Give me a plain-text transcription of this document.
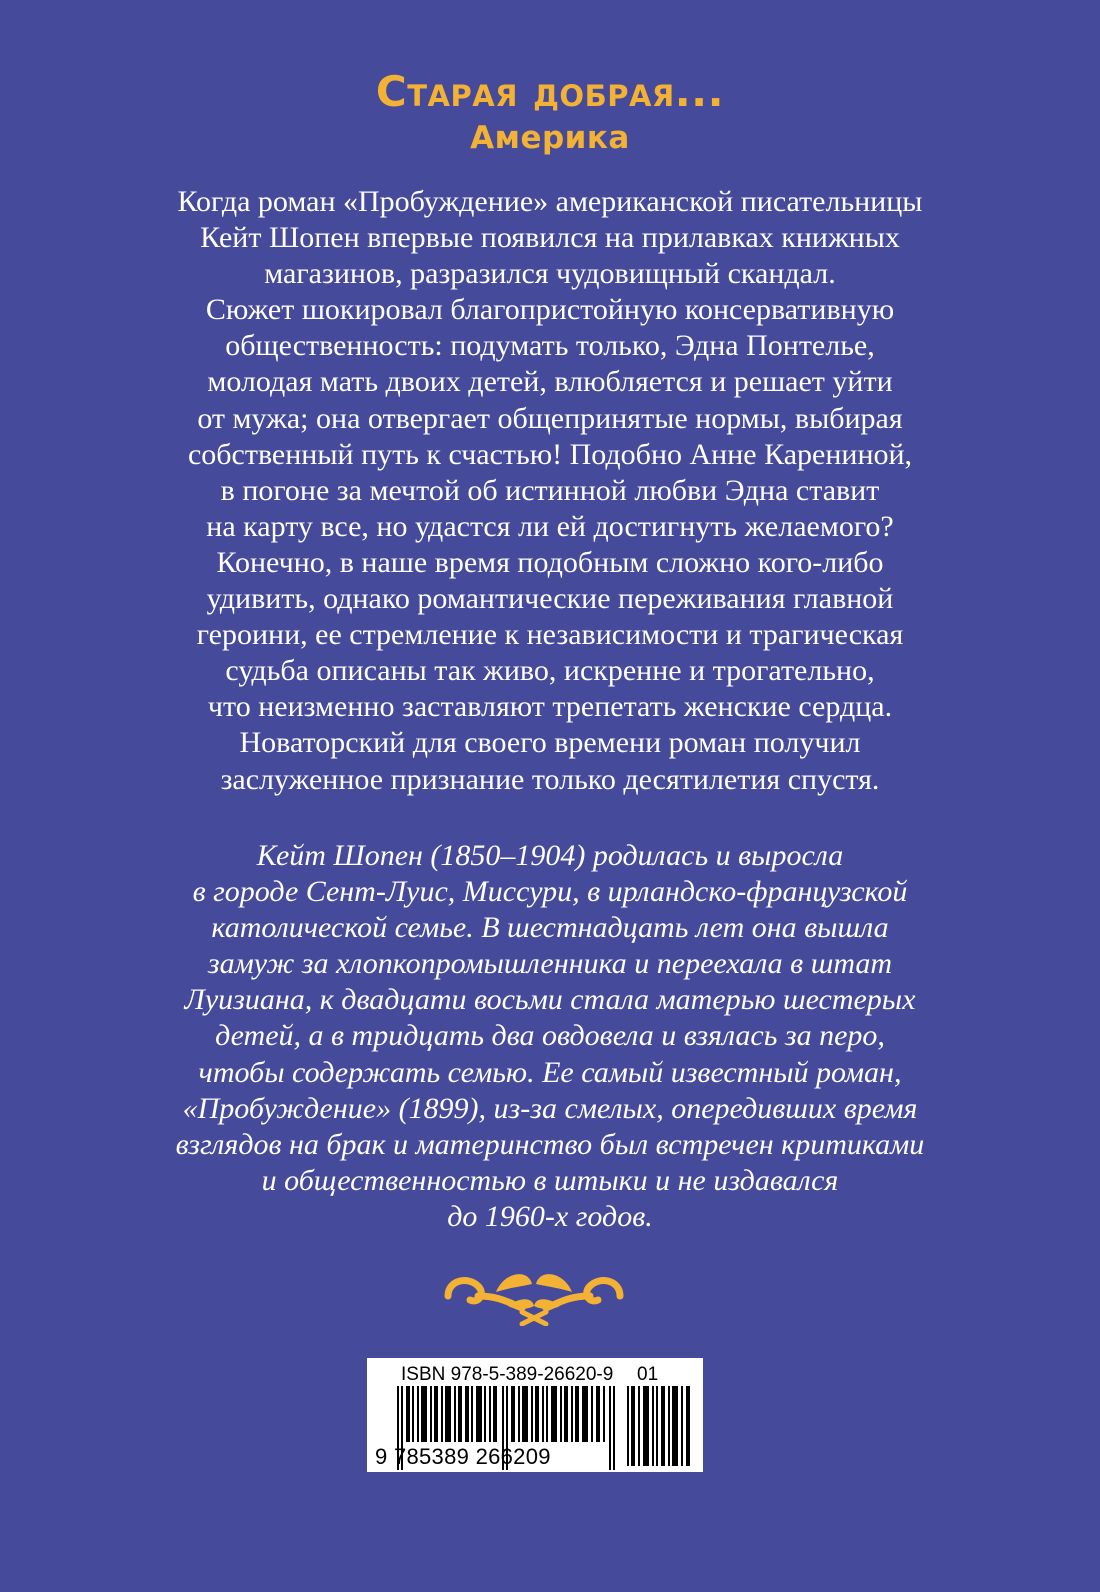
Старая добрая...
Америка

Когда роман «Пробуждение» американской писательницы
Кейт Шопен впервые появился на прилавках книжных
магазинов, разразился чудовищный скандал.
Сюжет шокировал благопристойную консервативную
общественность: подумать только, Эдна Понтелье,
молодая мать двоих детей, влюбляется и решает уйти
от мужа; она отвергает общепринятые нормы, выбирая
собственный путь к счастью! Подобно Анне Карениной,
в погоне за мечтой об истинной любви Эдна ставит
на карту все, но удастся ли ей достигнуть желаемого?
Конечно, в наше время подобным сложно кого-либо
удивить, однако романтические переживания главной
героини, ее стремление к независимости и трагическая
судьба описаны так живо, искренне и трогательно,
что неизменно заставляют трепетать женские сердца.
Новаторский для своего времени роман получил
заслуженное признание только десятилетия спустя.

Кейт Шопен (1850–1904) родилась и выросла
в городе Сент-Луис, Миссури, в ирландско-французской
католической семье. В шестнадцать лет она вышла
замуж за хлопкопромышленника и переехала в штат
Луизиана, к двадцати восьми стала матерью шестерых
детей, а в тридцать два овдовела и взялась за перо,
чтобы содержать семью. Ее самый известный роман,
«Пробуждение» (1899), из-за смелых, опередивших время
взглядов на брак и материнство был встречен критиками
и общественностью в штыки и не издавался
до 1960-х годов.

ISBN 978-5-389-26620-9 01
9 785389 266209
